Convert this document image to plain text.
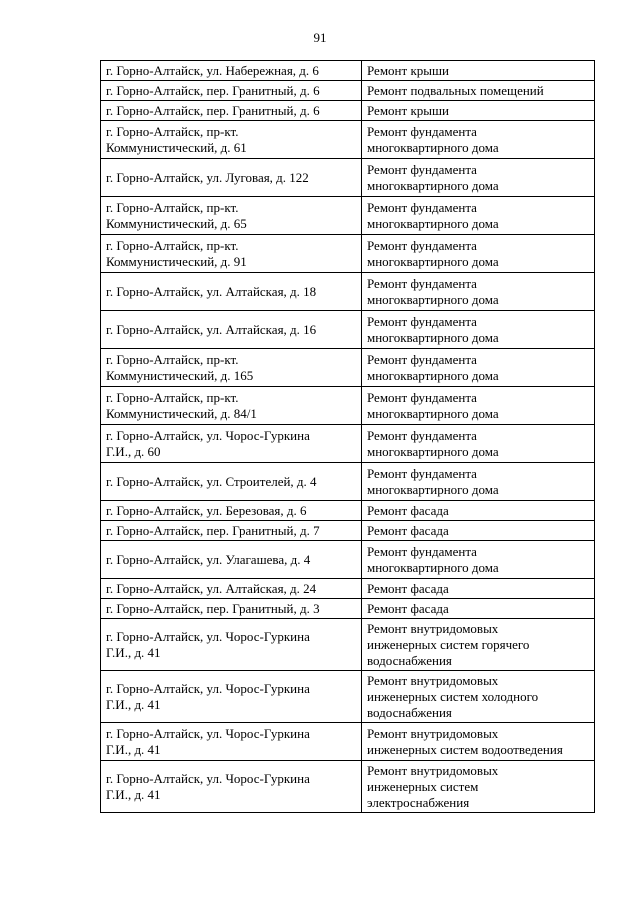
91
г. Горно-Алтайск, ул. Набережная, д. 6	Ремонт крыши
г. Горно-Алтайск, пер. Гранитный, д. 6	Ремонт подвальных помещений
г. Горно-Алтайск, пер. Гранитный, д. 6	Ремонт крыши
г. Горно-Алтайск, пр-кт.
Коммунистический, д. 61	Ремонт фундамента
многоквартирного дома
г. Горно-Алтайск, ул. Луговая, д. 122	Ремонт фундамента
многоквартирного дома
г. Горно-Алтайск, пр-кт.
Коммунистический, д. 65	Ремонт фундамента
многоквартирного дома
г. Горно-Алтайск, пр-кт.
Коммунистический, д. 91	Ремонт фундамента
многоквартирного дома
г. Горно-Алтайск, ул. Алтайская, д. 18	Ремонт фундамента
многоквартирного дома
г. Горно-Алтайск, ул. Алтайская, д. 16	Ремонт фундамента
многоквартирного дома
г. Горно-Алтайск, пр-кт.
Коммунистический, д. 165	Ремонт фундамента
многоквартирного дома
г. Горно-Алтайск, пр-кт.
Коммунистический, д. 84/1	Ремонт фундамента
многоквартирного дома
г. Горно-Алтайск, ул. Чорос-Гуркина
Г.И., д. 60	Ремонт фундамента
многоквартирного дома
г. Горно-Алтайск, ул. Строителей, д. 4	Ремонт фундамента
многоквартирного дома
г. Горно-Алтайск, ул. Березовая, д. 6	Ремонт фасада
г. Горно-Алтайск, пер. Гранитный, д. 7	Ремонт фасада
г. Горно-Алтайск, ул. Улагашева, д. 4	Ремонт фундамента
многоквартирного дома
г. Горно-Алтайск, ул. Алтайская, д. 24	Ремонт фасада
г. Горно-Алтайск, пер. Гранитный, д. 3	Ремонт фасада
г. Горно-Алтайск, ул. Чорос-Гуркина
Г.И., д. 41	Ремонт внутридомовых
инженерных систем горячего
водоснабжения
г. Горно-Алтайск, ул. Чорос-Гуркина
Г.И., д. 41	Ремонт внутридомовых
инженерных систем холодного
водоснабжения
г. Горно-Алтайск, ул. Чорос-Гуркина
Г.И., д. 41	Ремонт внутридомовых
инженерных систем водоотведения
г. Горно-Алтайск, ул. Чорос-Гуркина
Г.И., д. 41	Ремонт внутридомовых
инженерных систем
электроснабжения
